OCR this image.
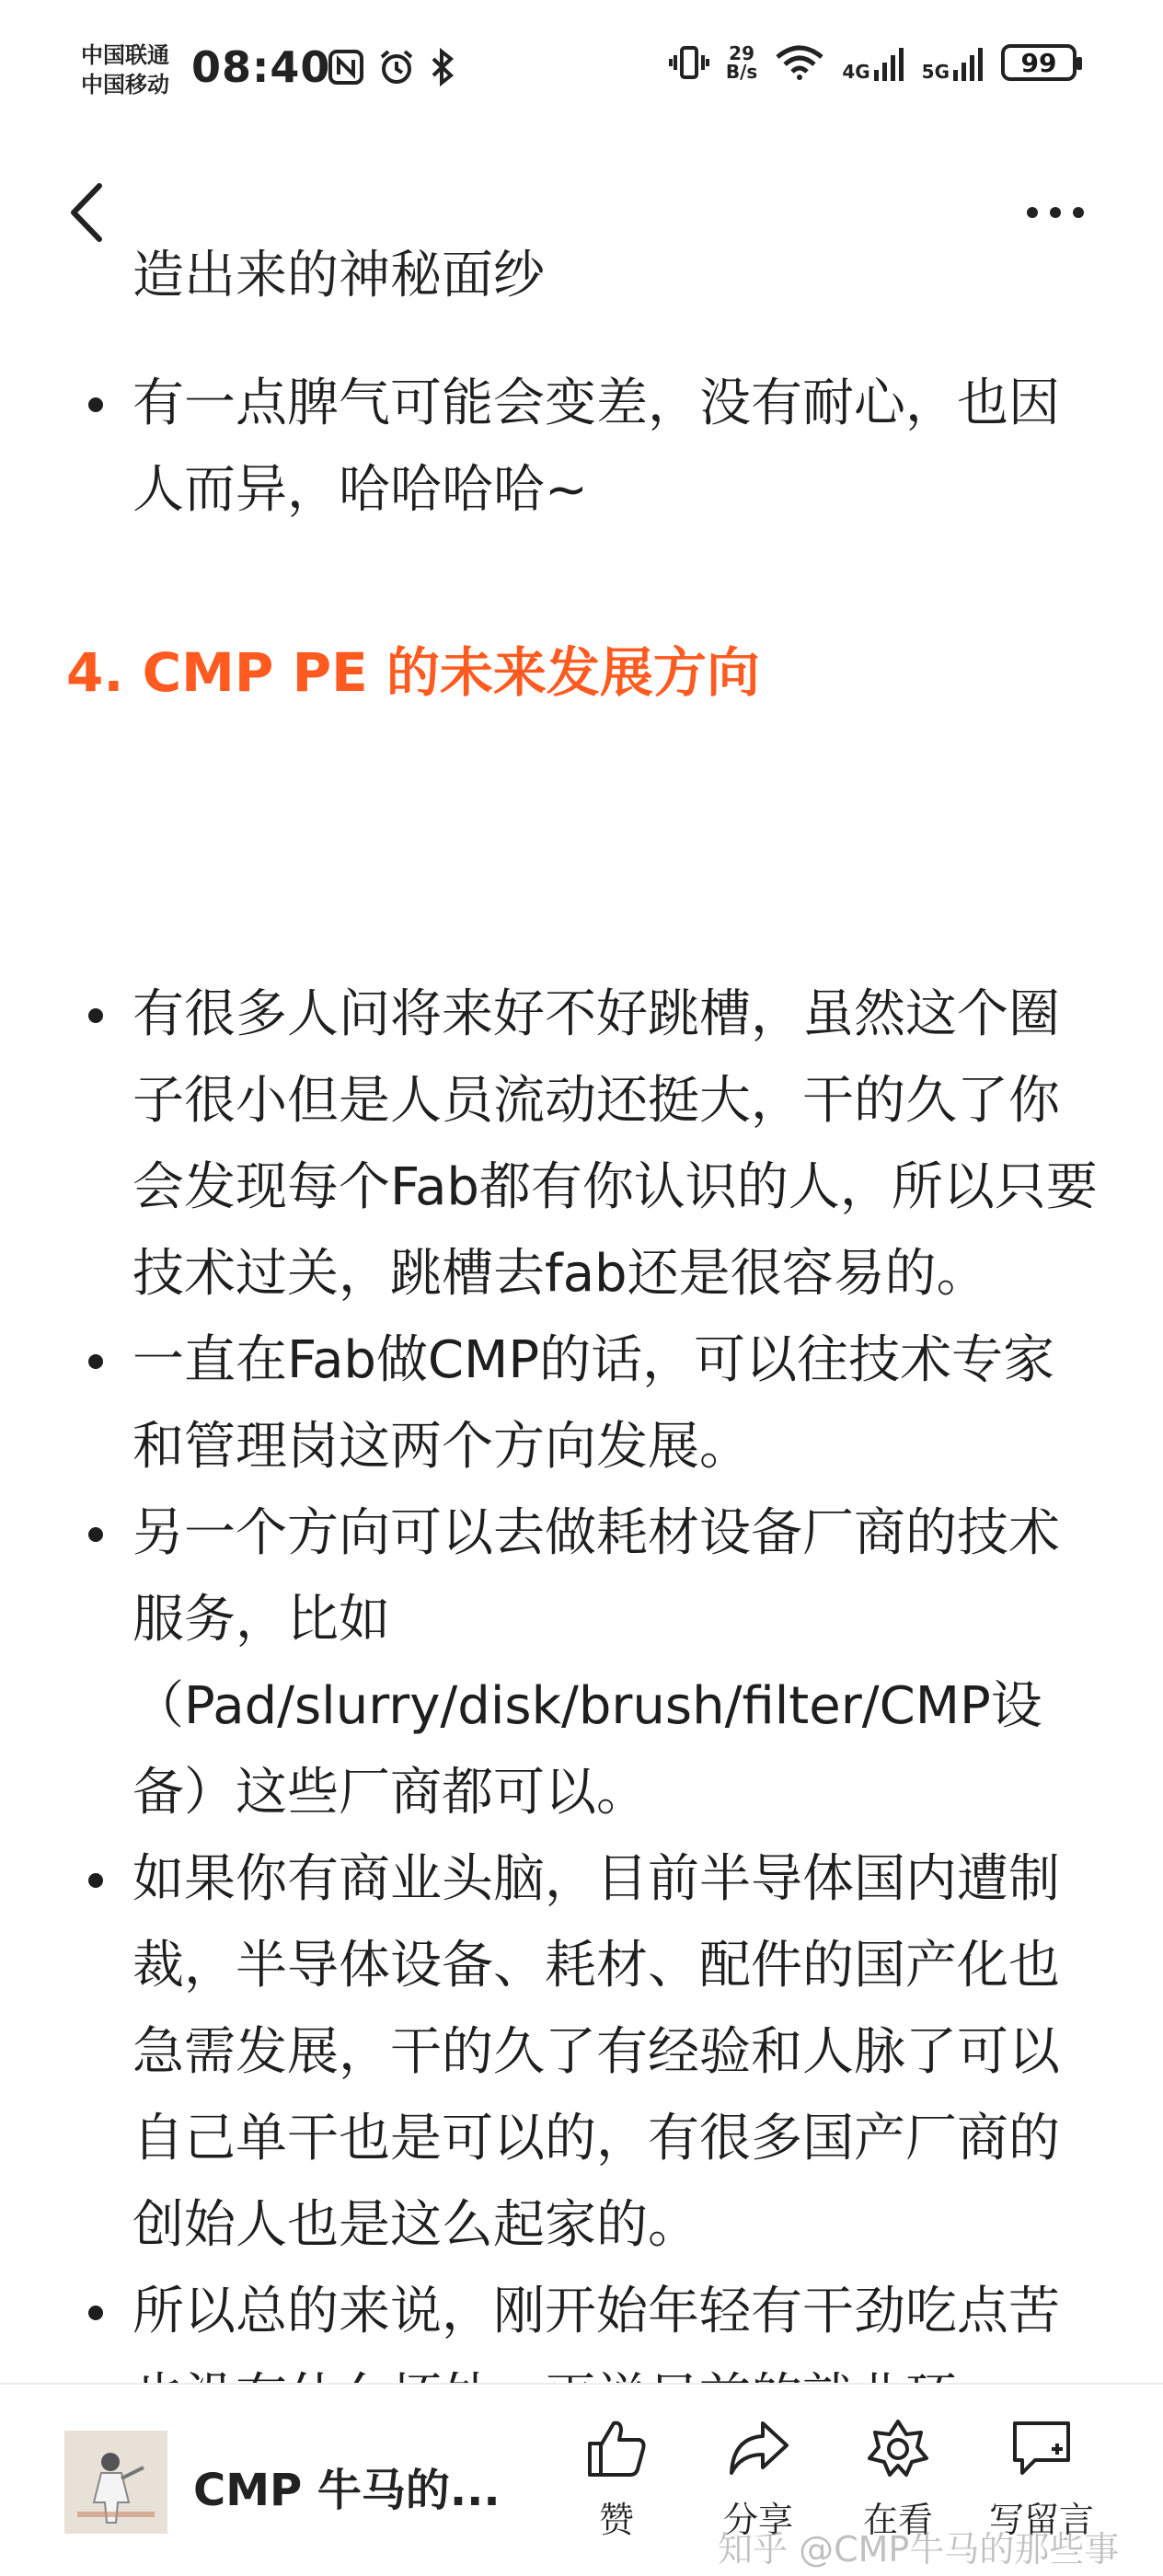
中国联通
中国移动 08:40	29
B/s	4G	5G	99
造出来的神秘面纱
有一点脾气可能会变差，没有耐心，也因人而异，哈哈哈哈~
4. CMP PE 的未来发展方向
有很多人问将来好不好跳槽，虽然这个圈子很小但是人员流动还挺大，干的久了你会发现每个Fab都有你认识的人，所以只要技术过关，跳槽去fab还是很容易的。
一直在Fab做CMP的话，可以往技术专家和管理岗这两个方向发展。
另一个方向可以去做耗材设备厂商的技术服务，比如（Pad/slurry/disk/brush/filter/CMP设备）这些厂商都可以。
如果你有商业头脑，目前半导体国内遭制裁，半导体设备、耗材、配件的国产化也急需发展，干的久了有经验和人脉了可以自己单干也是可以的，有很多国产厂商的创始人也是这么起家的。
所以总的来说，刚开始年轻有干劲吃点苦
CMP 牛马的...
赞	分享	在看	写留言
知乎 @CMP牛马的那些事
